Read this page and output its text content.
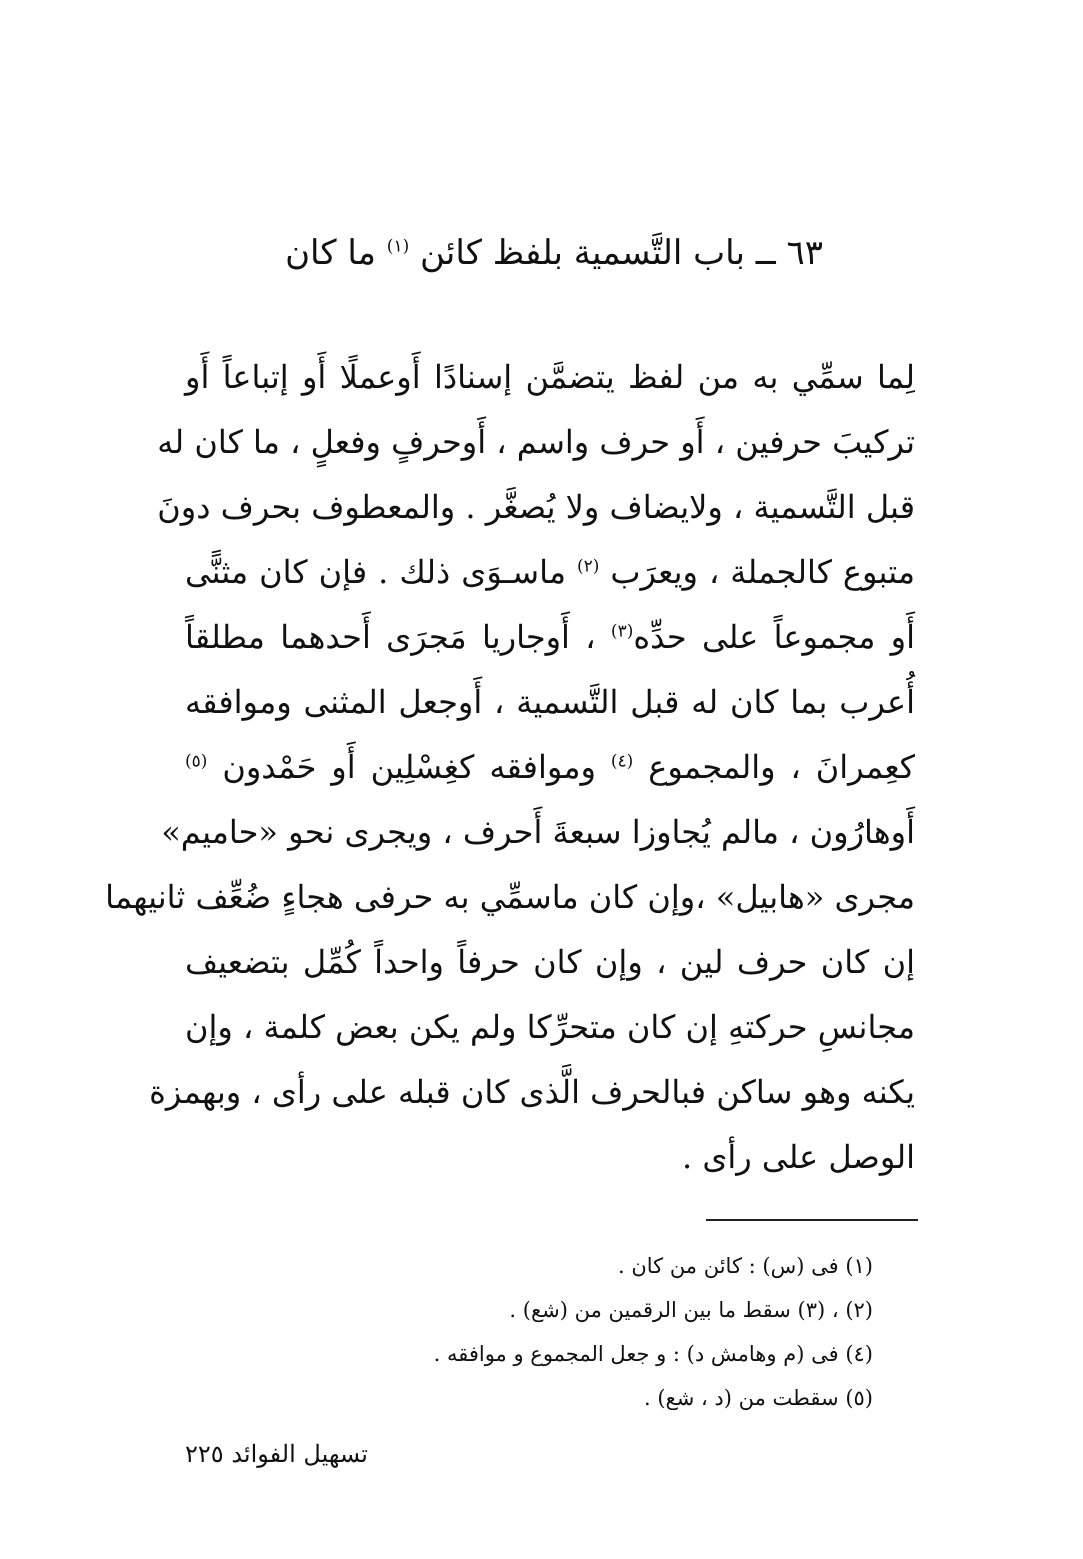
٦٣ ــ باب التَّسمية بلفظ كائن $^{(١)}$ ما كان
لِما سمِّي به من لفظ يتضمَّن إسنادًا أَوعملًا أَو إتباعاً أَو
تركيبَ حرفين ، أَو حرف واسم ، أَوحرفٍ وفعلٍ ، ما كان له
قبل التَّسمية ، ولايضاف ولا يُصغَّر . والمعطوف بحرف دونَ
متبوع كالجملة ، ويعرَب $^{(٢)}$ ماسـوَى ذلك . فإن كان مثنًّى
أَو مجموعاً على حدِّه$^{(٣)}$ ، أَوجاريا مَجرَى أَحدهما مطلقاً
أُعرب بما كان له قبل التَّسمية ، أَوجعل المثنى وموافقه
كعِمرانَ ، والمجموع $^{(٤)}$ وموافقه كغِسْلِين أَو حَمْدون $^{(٥)}$
أَوهارُون ، مالم يُجاوزا سبعةَ أَحرف ، ويجرى نحو «حاميم»
مجرى «هابيل» ،وإن كان ماسمِّي به حرفى هجاءٍ ضُعِّف ثانيهما
إن كان حرف لين ، وإن كان حرفاً واحداً كُمِّل بتضعيف
مجانسِ حركتهِ إن كان متحرِّكا ولم يكن بعض كلمة ، وإن
يكنه وهو ساكن فبالحرف الَّذى كان قبله على رأى ، وبهمزة
الوصل على رأى .
(١) فى (س) : كائن من كان .
(٢) ، (٣) سقط ما بين الرقمين من (شع) .
(٤) فى (م وهامش د) : و جعل المجموع و موافقه .
(٥) سقطت من (د ، شع) .
تسهيل الفوائد ٢٢٥
